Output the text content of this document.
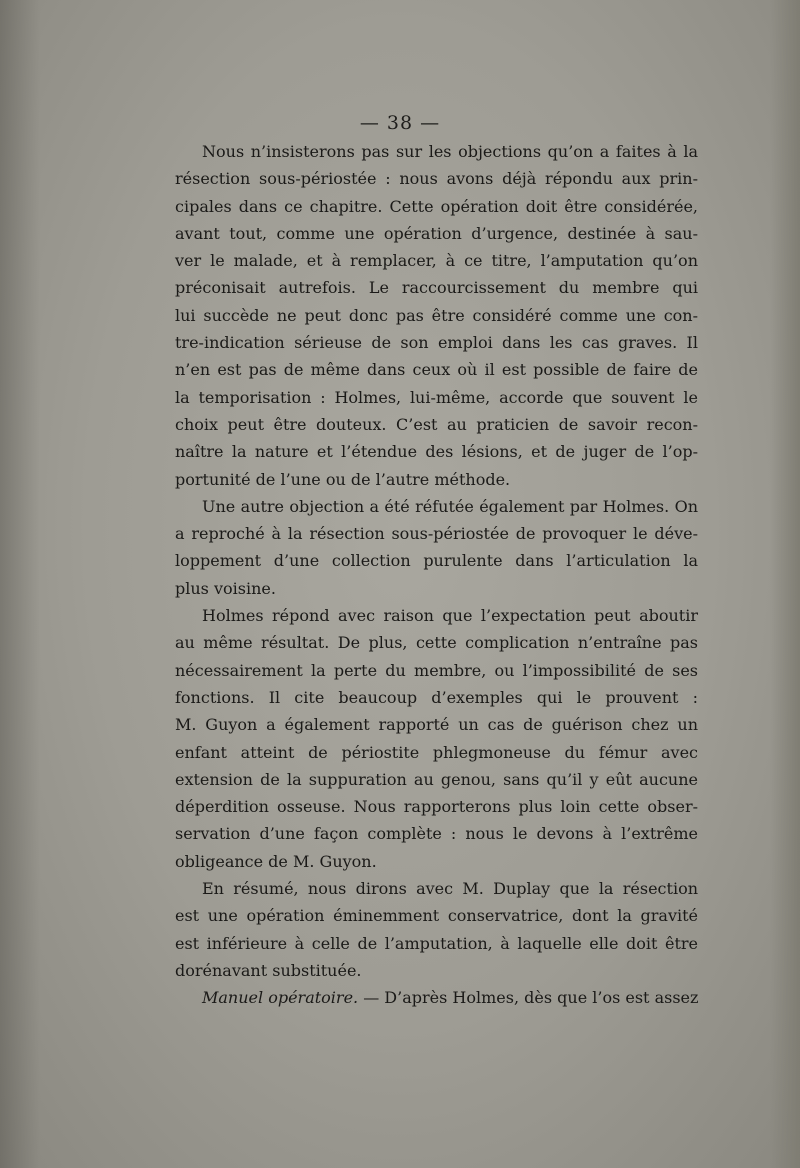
— 38 —
Nous n’insisterons pas sur les objections qu’on a faites à la
résection sous-périostée : nous avons déjà répondu aux prin-
cipales dans ce chapitre. Cette opération doit être considérée,
avant tout, comme une opération d’urgence, destinée à sau-
ver le malade, et à remplacer, à ce titre, l’amputation qu’on
préconisait autrefois. Le raccourcissement du membre qui
lui succède ne peut donc pas être considéré comme une con-
tre-indication sérieuse de son emploi dans les cas graves. Il
n’en est pas de même dans ceux où il est possible de faire de
la temporisation : Holmes, lui-même, accorde que souvent le
choix peut être douteux. C’est au praticien de savoir recon-
naître la nature et l’étendue des lésions, et de juger de l’op-
portunité de l’une ou de l’autre méthode.
Une autre objection a été réfutée également par Holmes. On
a reproché à la résection sous-périostée de provoquer le déve-
loppement d’une collection purulente dans l’articulation la
plus voisine.
Holmes répond avec raison que l’expectation peut aboutir
au même résultat. De plus, cette complication n’entraîne pas
nécessairement la perte du membre, ou l’impossibilité de ses
fonctions. Il cite beaucoup d’exemples qui le prouvent :
M. Guyon a également rapporté un cas de guérison chez un
enfant atteint de périostite phlegmoneuse du fémur avec
extension de la suppuration au genou, sans qu’il y eût aucune
déperdition osseuse. Nous rapporterons plus loin cette obser-
servation d’une façon complète : nous le devons à l’extrême
obligeance de M. Guyon.
En résumé, nous dirons avec M. Duplay que la résection
est une opération éminemment conservatrice, dont la gravité
est inférieure à celle de l’amputation, à laquelle elle doit être
dorénavant substituée.
Manuel opératoire. — D’après Holmes, dès que l’os est assez
